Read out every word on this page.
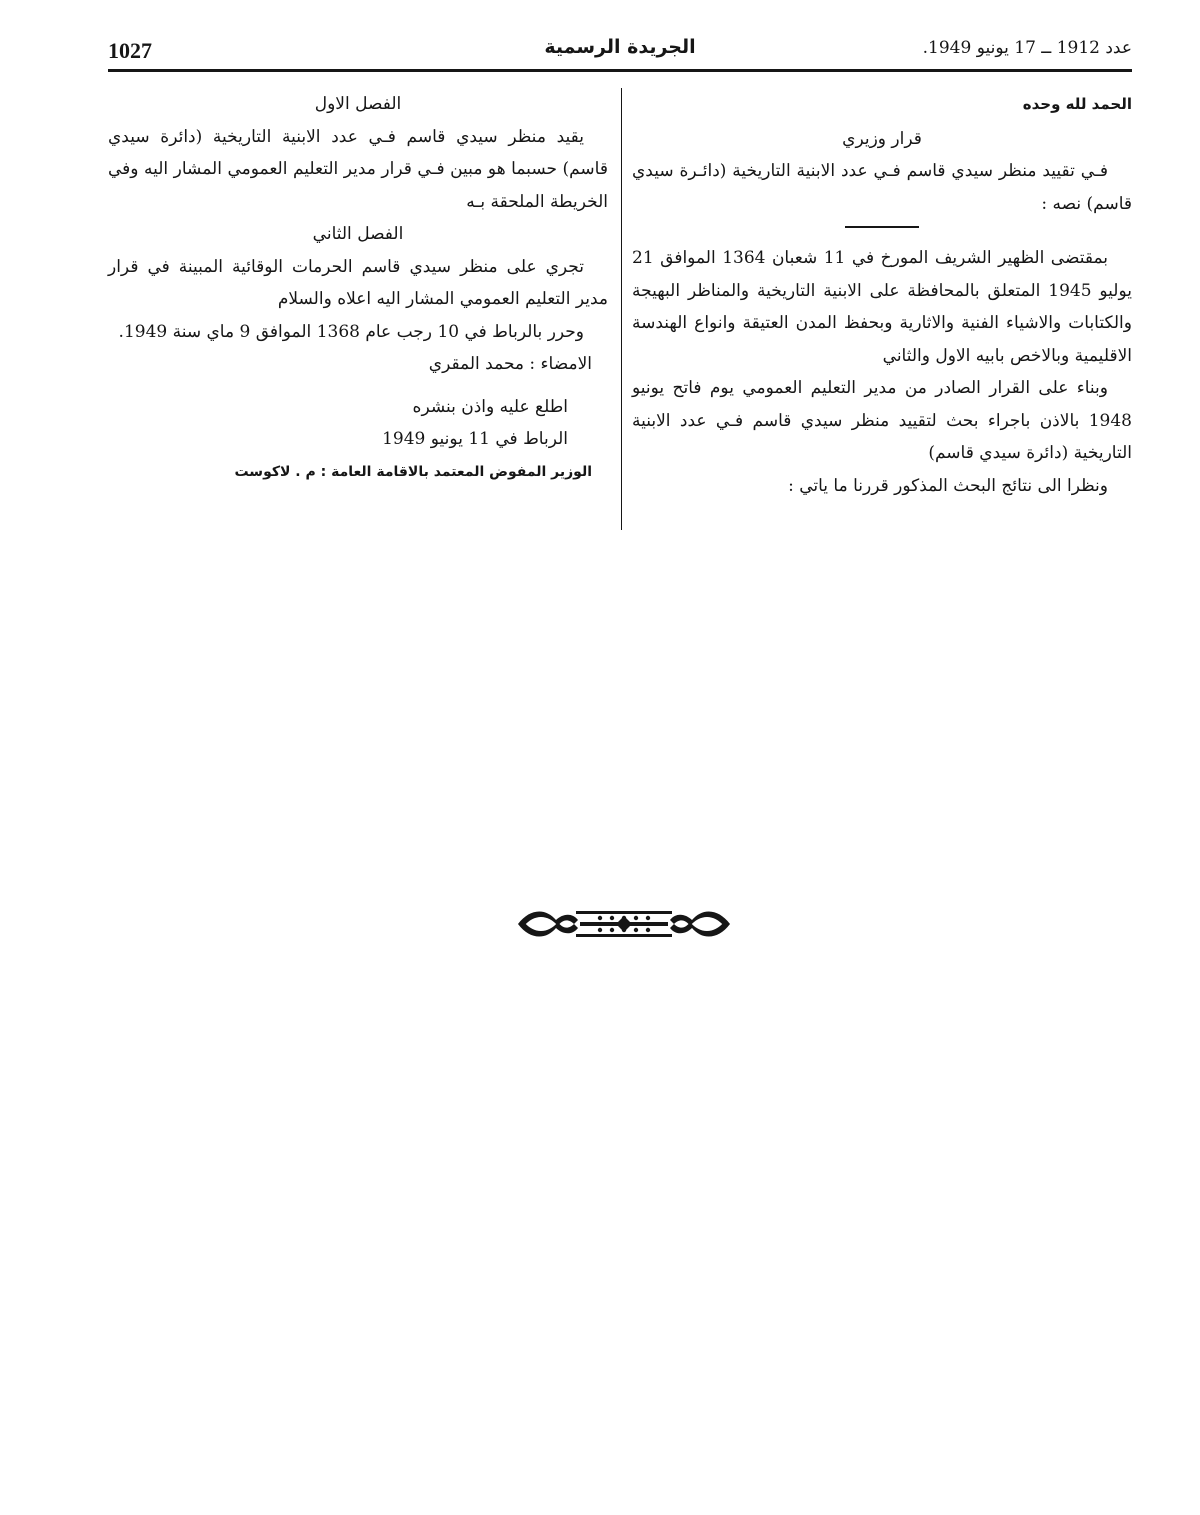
1027	الجريدة الرسمية	عدد 1912 ــ 17 يونيو 1949.

الحمد لله وحده

قرار وزيري

فـي تقييد منظر سيدي قاسم فـي عدد الابنية التاريخية (دائـرة سيدي قاسم) نصه :

بمقتضى الظهير الشريف المورخ في 11 شعبان 1364 الموافق 21 يوليو 1945 المتعلق بالمحافظة على الابنية التاريخية والمناظر البهيجة والكتابات والاشياء الفنية والاثارية وبحفظ المدن العتيقة وانواع الهندسة الاقليمية وبالاخص بابيه الاول والثاني

وبناء على القرار الصادر من مدير التعليم العمومي يوم فاتح يونيو 1948 بالاذن باجراء بحث لتقييد منظر سيدي قاسم فـي عدد الابنية التاريخية (دائرة سيدي قاسم)

ونظرا الى نتائج البحث المذكور قررنا ما ياتي :

الفصل الاول

يقيد منظر سيدي قاسم فـي عدد الابنية التاريخية (دائرة سيدي قاسم) حسبما هو مبين فـي قرار مدير التعليم العمومي المشار اليه وفي الخريطة الملحقة بـه

الفصل الثاني

تجري على منظر سيدي قاسم الحرمات الوقائية المبينة في قرار مدير التعليم العمومي المشار اليه اعلاه والسلام

وحرر بالرباط في 10 رجب عام 1368 الموافق 9 ماي سنة 1949.

الامضاء : محمد المقري

اطلع عليه واذن بنشره

الرباط في 11 يونيو 1949

الوزير المفوض المعتمد بالاقامة العامة : م . لاكوست
